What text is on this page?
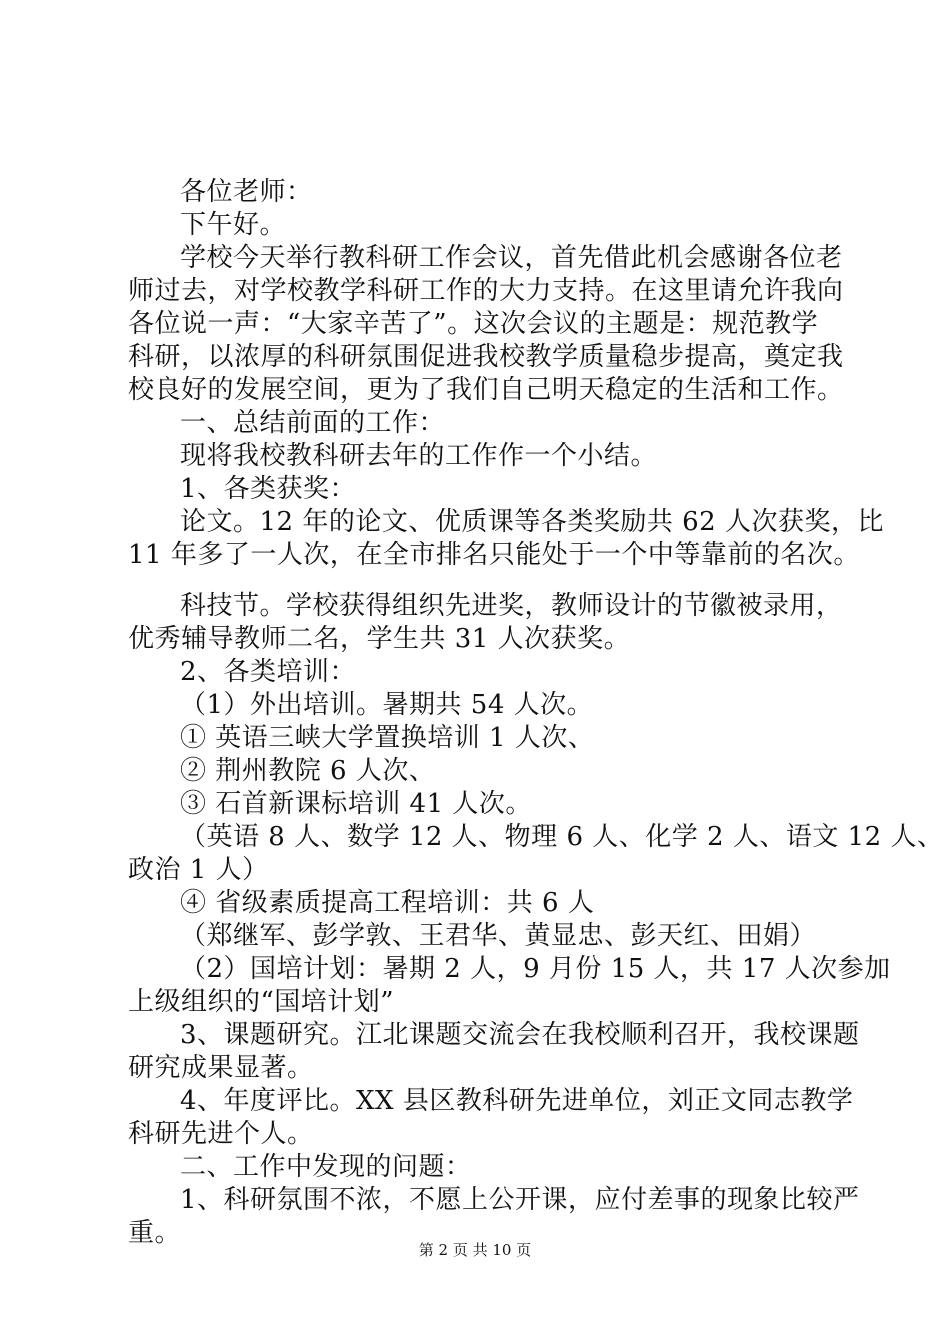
各位老师：
下午好。
学校今天举行教科研工作会议，首先借此机会感谢各位老
师过去，对学校教学科研工作的大力支持。在这里请允许我向
各位说一声：“大家辛苦了”。这次会议的主题是：规范教学
科研，以浓厚的科研氛围促进我校教学质量稳步提高，奠定我
校良好的发展空间，更为了我们自己明天稳定的生活和工作。
一、总结前面的工作：
现将我校教科研去年的工作作一个小结。
1、各类获奖：
论文。12 年的论文、优质课等各类奖励共 62 人次获奖，比
11 年多了一人次，在全市排名只能处于一个中等靠前的名次。
科技节。学校获得组织先进奖，教师设计的节徽被录用，
优秀辅导教师二名，学生共 31 人次获奖。
2、各类培训：
（1）外出培训。暑期共 54 人次。
① 英语三峡大学置换培训 1 人次、
② 荆州教院 6 人次、
③ 石首新课标培训 41 人次。
（英语 8 人、数学 12 人、物理 6 人、化学 2 人、语文 12 人、
政治 1 人）
④ 省级素质提高工程培训：共 6 人
（郑继军、彭学敦、王君华、黄显忠、彭天红、田娟）
（2）国培计划：暑期 2 人，9 月份 15 人，共 17 人次参加
上级组织的“国培计划”
3、课题研究。江北课题交流会在我校顺利召开，我校课题
研究成果显著。
4、年度评比。XX 县区教科研先进单位，刘正文同志教学
科研先进个人。
二、工作中发现的问题：
1、科研氛围不浓，不愿上公开课，应付差事的现象比较严
重。
第 2 页 共 10 页
